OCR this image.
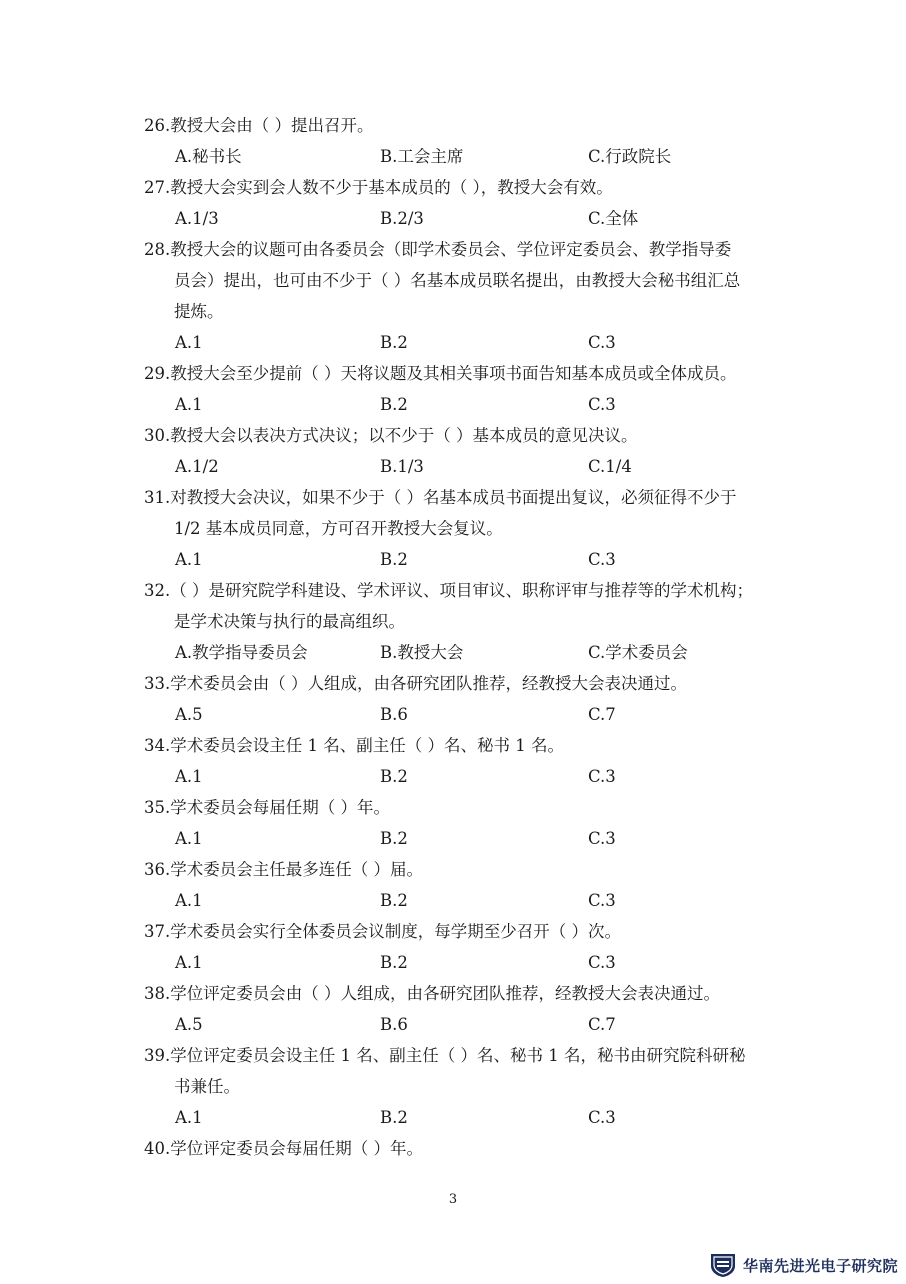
26.教授大会由（ ）提出召开。
A.秘书长	B.工会主席	C.行政院长
27.教授大会实到会人数不少于基本成员的（ ），教授大会有效。
A.1/3	B.2/3	C.全体
28.教授大会的议题可由各委员会（即学术委员会、学位评定委员会、教学指导委
员会）提出，也可由不少于（ ）名基本成员联名提出，由教授大会秘书组汇总
提炼。
A.1	B.2	C.3
29.教授大会至少提前（ ）天将议题及其相关事项书面告知基本成员或全体成员。
A.1	B.2	C.3
30.教授大会以表决方式决议；以不少于（ ）基本成员的意见决议。
A.1/2	B.1/3	C.1/4
31.对教授大会决议，如果不少于（ ）名基本成员书面提出复议，必须征得不少于
1/2 基本成员同意，方可召开教授大会复议。
A.1	B.2	C.3
32.（ ）是研究院学科建设、学术评议、项目审议、职称评审与推荐等的学术机构；
是学术决策与执行的最高组织。
A.教学指导委员会	B.教授大会	C.学术委员会
33.学术委员会由（ ）人组成，由各研究团队推荐，经教授大会表决通过。
A.5	B.6	C.7
34.学术委员会设主任 1 名、副主任（ ）名、秘书 1 名。
A.1	B.2	C.3
35.学术委员会每届任期（ ）年。
A.1	B.2	C.3
36.学术委员会主任最多连任（ ）届。
A.1	B.2	C.3
37.学术委员会实行全体委员会议制度，每学期至少召开（ ）次。
A.1	B.2	C.3
38.学位评定委员会由（ ）人组成，由各研究团队推荐，经教授大会表决通过。
A.5	B.6	C.7
39.学位评定委员会设主任 1 名、副主任（ ）名、秘书 1 名，秘书由研究院科研秘
书兼任。
A.1	B.2	C.3
40.学位评定委员会每届任期（ ）年。
3
华南先进光电子研究院
